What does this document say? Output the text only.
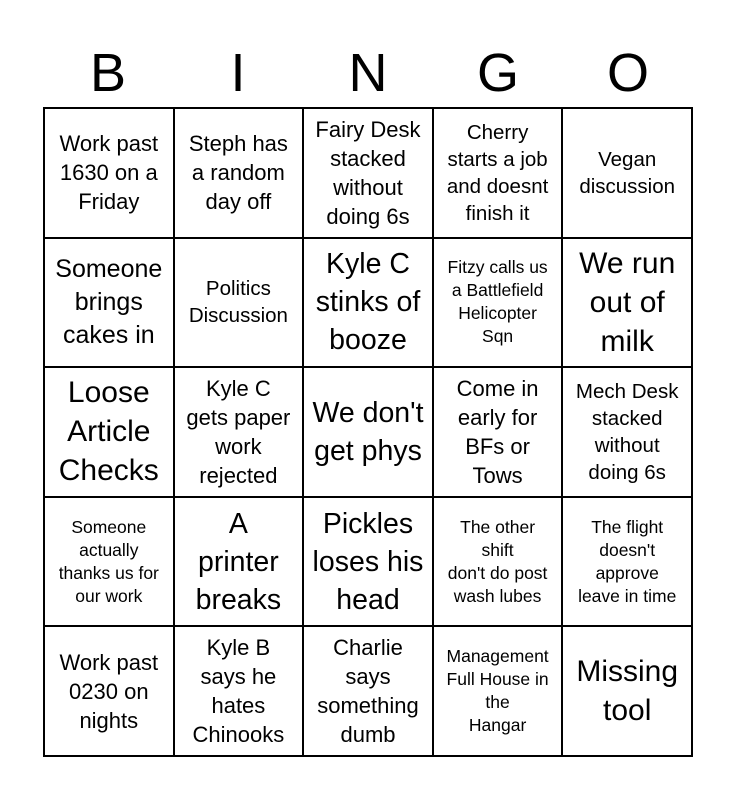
B	I	N	G	O
Work past
1630 on a
Friday
Steph has
a random
day off
Fairy Desk
stacked
without
doing 6s
Cherry
starts a job
and doesnt
finish it
Vegan
discussion
Someone
brings
cakes in
Politics
Discussion
Kyle C
stinks of
booze
Fitzy calls us
a Battlefield
Helicopter
Sqn
We run
out of
milk
Loose
Article
Checks
Kyle C
gets paper
work
rejected
We don't
get phys
Come in
early for
BFs or
Tows
Mech Desk
stacked
without
doing 6s
Someone
actually
thanks us for
our work
A
printer
breaks
Pickles
loses his
head
The other
shift
don't do post
wash lubes
The flight
doesn't
approve
leave in time
Work past
0230 on
nights
Kyle B
says he
hates
Chinooks
Charlie
says
something
dumb
Management
Full House in
the
Hangar
Missing
tool
